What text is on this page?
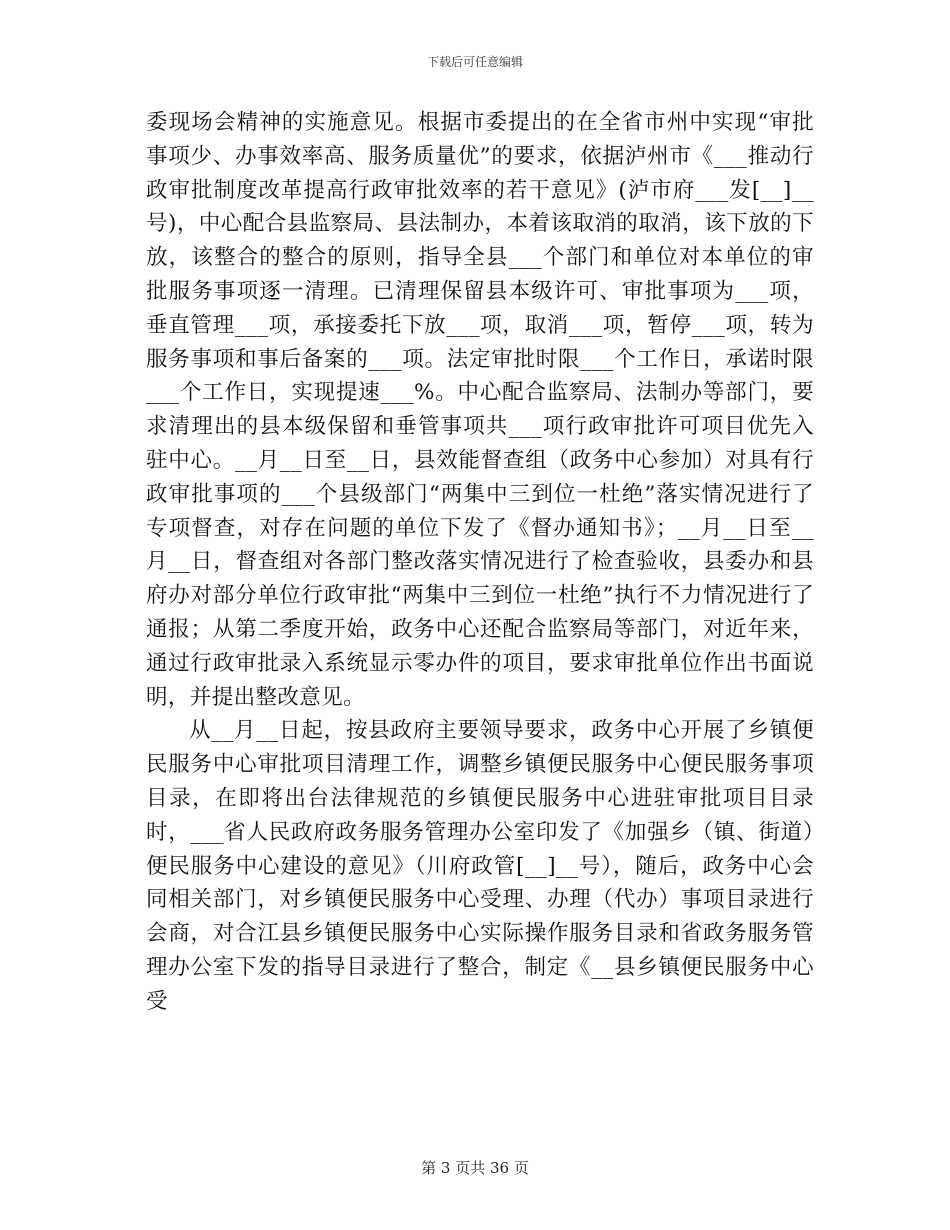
下载后可任意编辑

委现场会精神的实施意见。根据市委提出的在全省市州中实现“审批事项少、办事效率高、服务质量优”的要求，依据泸州市《___推动行政审批制度改革提高行政审批效率的若干意见》(泸市府___发[__]__号)，中心配合县监察局、县法制办，本着该取消的取消，该下放的下放，该整合的整合的原则，指导全县___个部门和单位对本单位的审批服务事项逐一清理。已清理保留县本级许可、审批事项为___项，垂直管理___项，承接委托下放___项，取消___项，暂停___项，转为服务事项和事后备案的___项。法定审批时限___个工作日，承诺时限___个工作日，实现提速___%。中心配合监察局、法制办等部门，要求清理出的县本级保留和垂管事项共___项行政审批许可项目优先入驻中心。__月__日至__日，县效能督查组（政务中心参加）对具有行政审批事项的___个县级部门“两集中三到位一杜绝”落实情况进行了专项督查，对存在问题的单位下发了《督办通知书》；__月__日至__月__日，督查组对各部门整改落实情况进行了检查验收，县委办和县府办对部分单位行政审批“两集中三到位一杜绝”执行不力情况进行了通报；从第二季度开始，政务中心还配合监察局等部门，对近年来，通过行政审批录入系统显示零办件的项目，要求审批单位作出书面说明，并提出整改意见。

从__月__日起，按县政府主要领导要求，政务中心开展了乡镇便民服务中心审批项目清理工作，调整乡镇便民服务中心便民服务事项目录，在即将出台法律规范的乡镇便民服务中心进驻审批项目目录时，___省人民政府政务服务管理办公室印发了《加强乡（镇、街道）便民服务中心建设的意见》（川府政管[__]__号），随后，政务中心会同相关部门，对乡镇便民服务中心受理、办理（代办）事项目录进行会商，对合江县乡镇便民服务中心实际操作服务目录和省政务服务管理办公室下发的指导目录进行了整合，制定《__县乡镇便民服务中心受

第 3 页共 36 页
